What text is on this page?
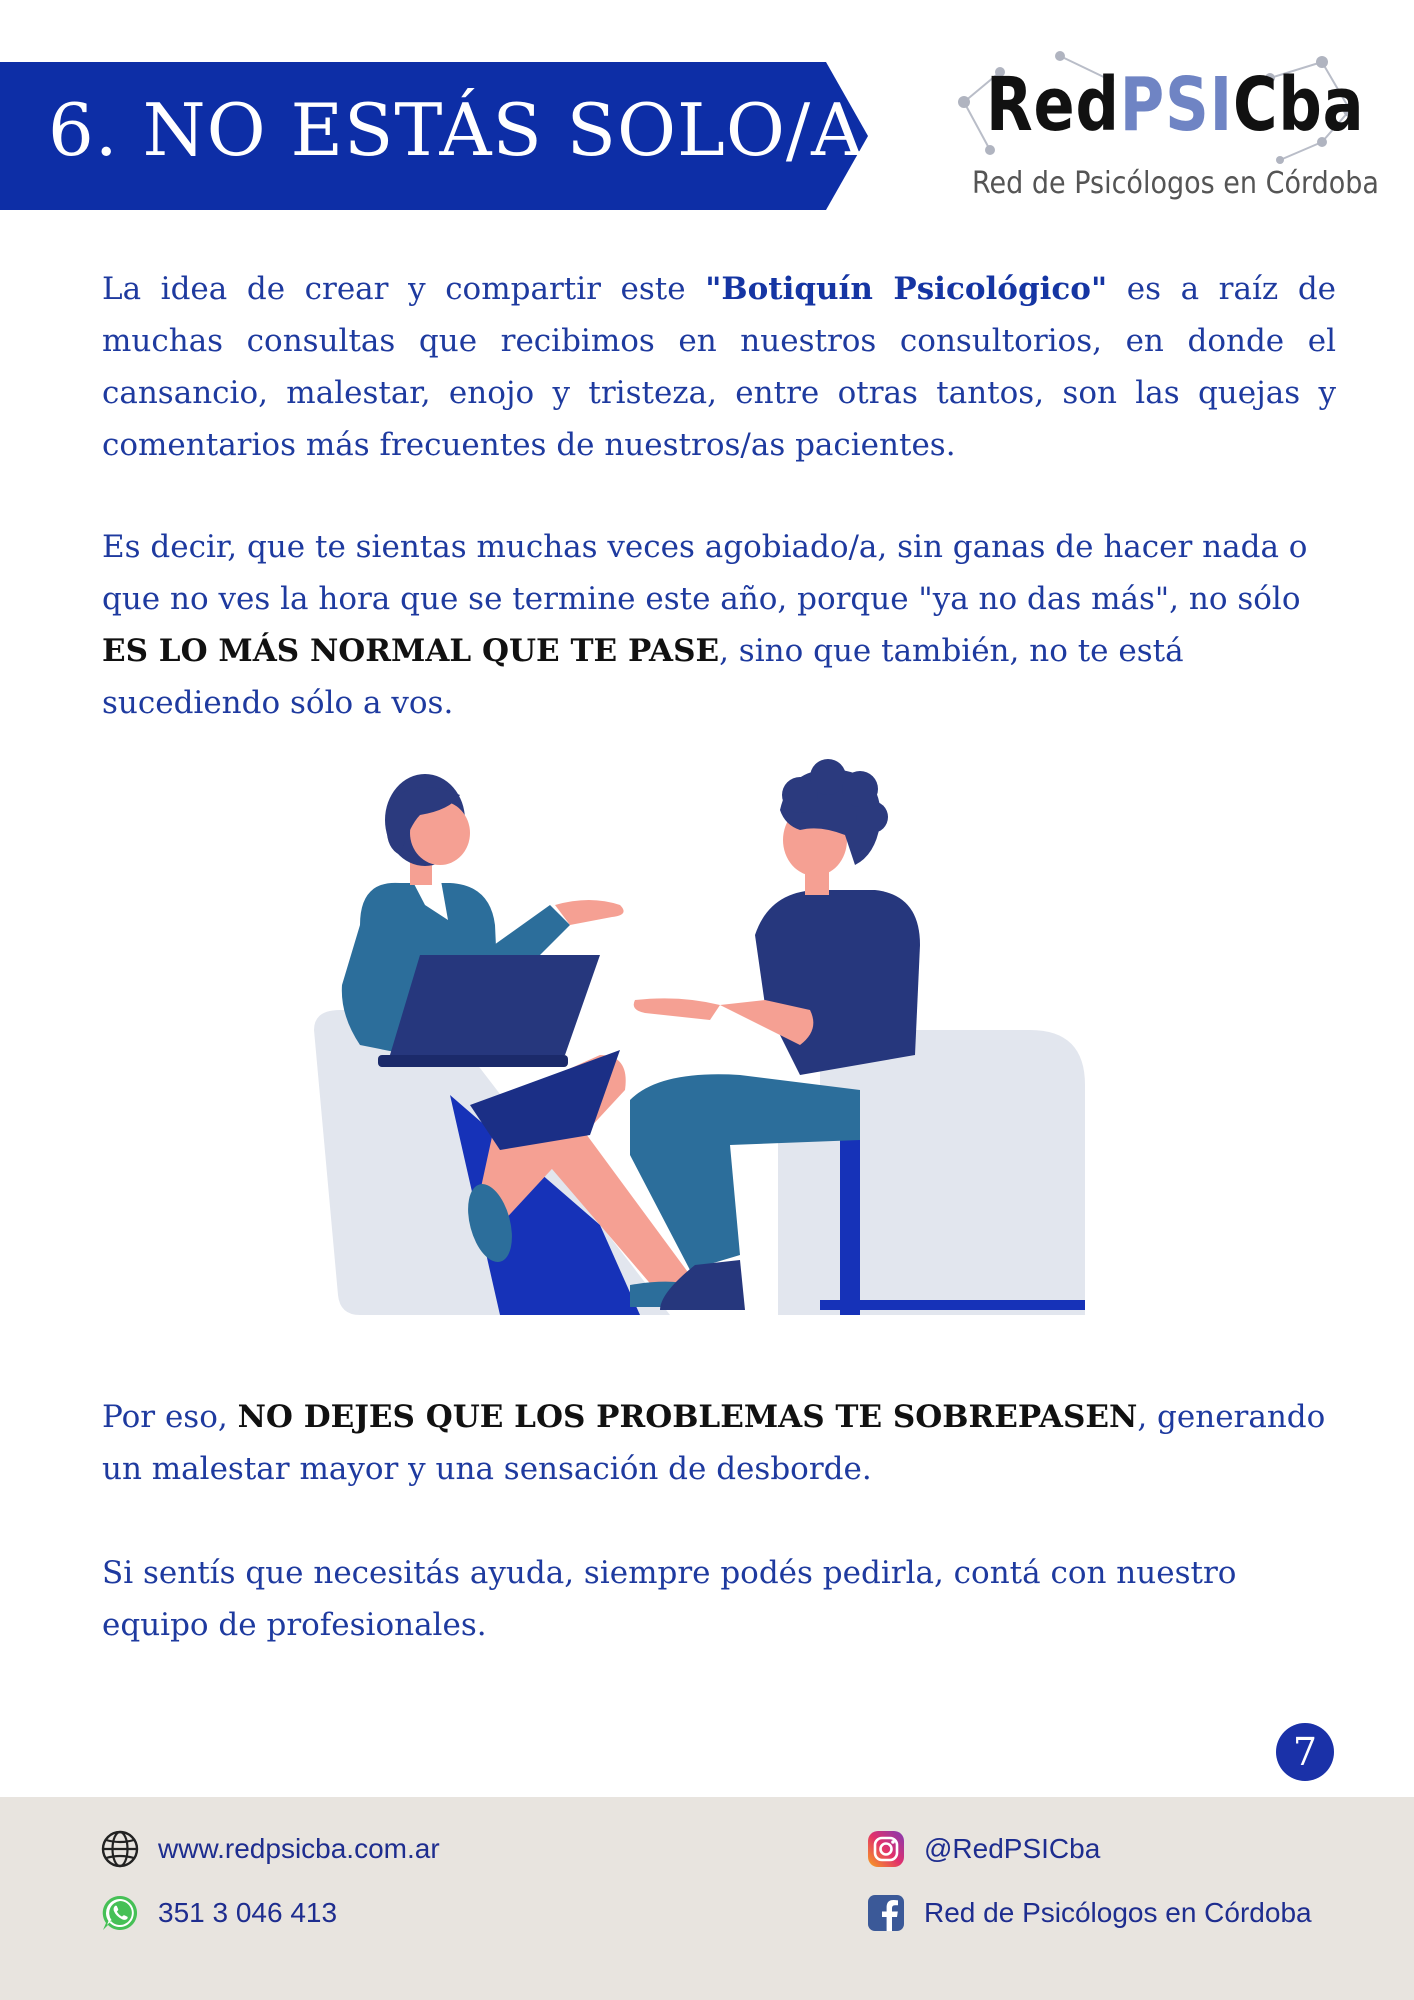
6. NO ESTÁS SOLO/A RedPSICba

Red de Psicólogos en Córdoba

La idea de crear y compartir este "Botiquín Psicológico" es a raíz de muchas consultas que recibimos en nuestros consultorios, en donde el cansancio, malestar, enojo y tristeza, entre otras tantos, son las quejas y comentarios más frecuentes de nuestros/as pacientes.

Es decir, que te sientas muchas veces agobiado/a, sin ganas de hacer nada o que no ves la hora que se termine este año, porque "ya no das más", no sólo
ES LO MÁS NORMAL QUE TE PASE, sino que también, no te está sucediendo sólo a vos.

Por eso, NO DEJES QUE LOS PROBLEMAS TE SOBREPASEN, generando un malestar mayor y una sensación de desborde.

Si sentís que necesitás ayuda, siempre podés pedirla, contá con nuestro equipo de profesionales.

7
www.redpsicba.com.ar	@RedPSICba
351 3 046 413	Red de Psicólogos en Córdoba
